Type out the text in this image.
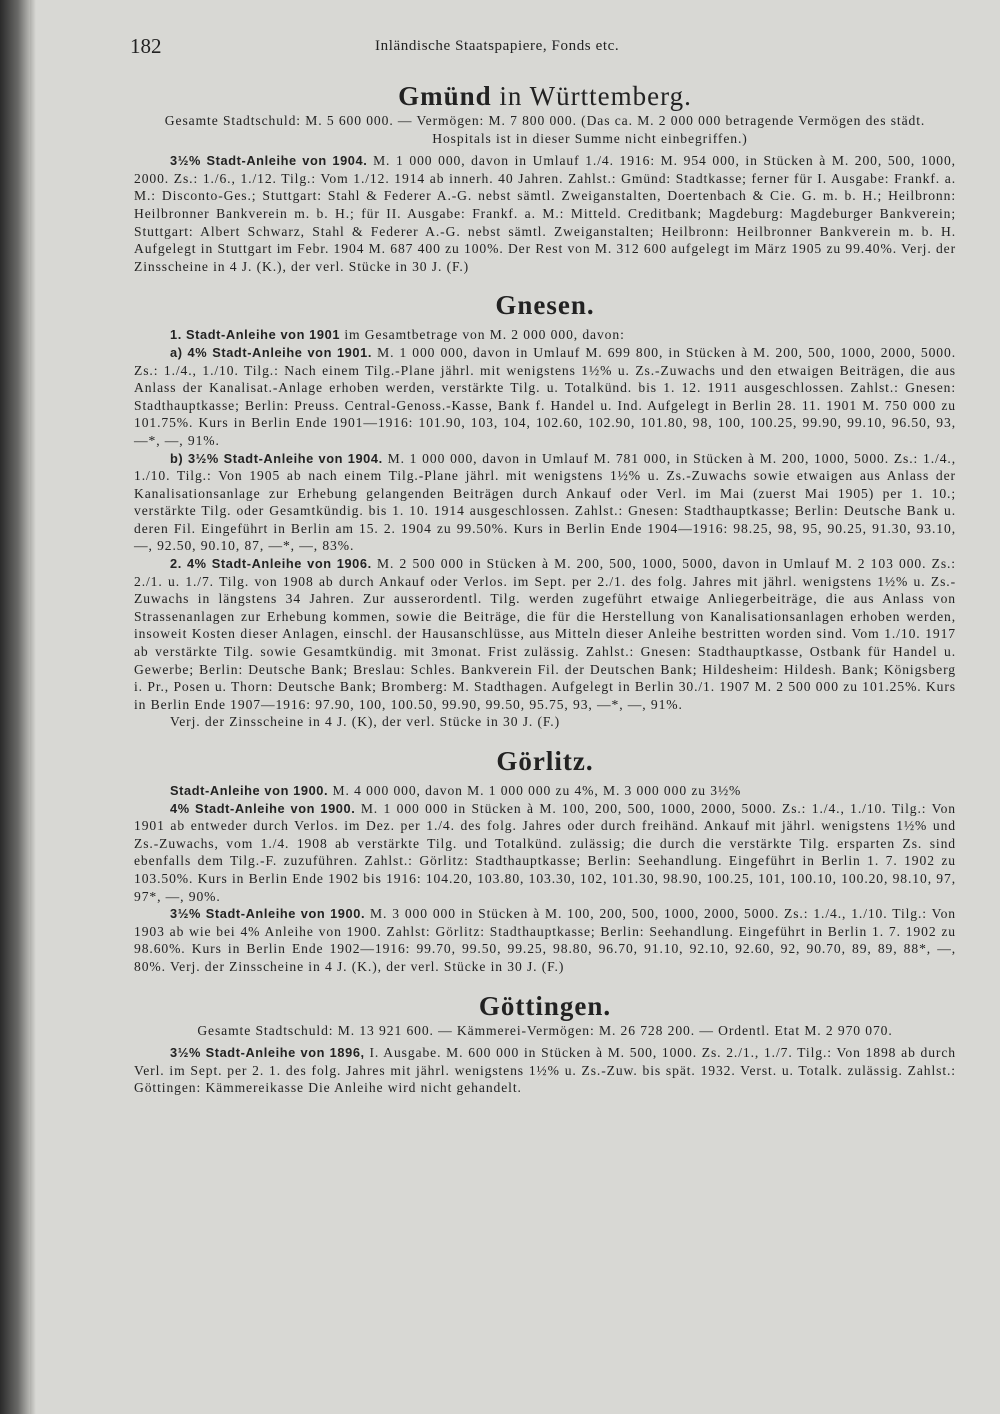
182	Inländische Staatspapiere, Fonds etc.
Gmünd in Württemberg.

Gesamte Stadtschuld: M. 5 600 000. — Vermögen: M. 7 800 000. (Das ca. M. 2 000 000 betragende Vermögen des städt. Hospitals ist in dieser Summe nicht einbegriffen.)

3½% Stadt-Anleihe von 1904. M. 1 000 000, davon in Umlauf 1./4. 1916: M. 954 000, in Stücken à M. 200, 500, 1000, 2000. Zs.: 1./6., 1./12. Tilg.: Vom 1./12. 1914 ab innerh. 40 Jahren. Zahlst.: Gmünd: Stadtkasse; ferner für I. Ausgabe: Frankf. a. M.: Disconto-Ges.; Stuttgart: Stahl & Federer A.-G. nebst sämtl. Zweiganstalten, Doertenbach & Cie. G. m. b. H.; Heilbronn: Heilbronner Bankverein m. b. H.; für II. Ausgabe: Frankf. a. M.: Mitteld. Creditbank; Magdeburg: Magdeburger Bankverein; Stuttgart: Albert Schwarz, Stahl & Federer A.-G. nebst sämtl. Zweiganstalten; Heilbronn: Heilbronner Bankverein m. b. H. Aufgelegt in Stuttgart im Febr. 1904 M. 687 400 zu 100%. Der Rest von M. 312 600 aufgelegt im März 1905 zu 99.40%. Verj. der Zinsscheine in 4 J. (K.), der verl. Stücke in 30 J. (F.)

Gnesen.

1. Stadt-Anleihe von 1901 im Gesamtbetrage von M. 2 000 000, davon:

a) 4% Stadt-Anleihe von 1901. M. 1 000 000, davon in Umlauf M. 699 800, in Stücken à M. 200, 500, 1000, 2000, 5000. Zs.: 1./4., 1./10. Tilg.: Nach einem Tilg.-Plane jährl. mit wenigstens 1½% u. Zs.-Zuwachs und den etwaigen Beiträgen, die aus Anlass der Kanalisat.-Anlage erhoben werden, verstärkte Tilg. u. Totalkünd. bis 1. 12. 1911 ausgeschlossen. Zahlst.: Gnesen: Stadthauptkasse; Berlin: Preuss. Central-Genoss.-Kasse, Bank f. Handel u. Ind. Aufgelegt in Berlin 28. 11. 1901 M. 750 000 zu 101.75%. Kurs in Berlin Ende 1901—1916: 101.90, 103, 104, 102.60, 102.90, 101.80, 98, 100, 100.25, 99.90, 99.10, 96.50, 93, —*, —, 91%.

b) 3½% Stadt-Anleihe von 1904. M. 1 000 000, davon in Umlauf M. 781 000, in Stücken à M. 200, 1000, 5000. Zs.: 1./4., 1./10. Tilg.: Von 1905 ab nach einem Tilg.-Plane jährl. mit wenigstens 1½% u. Zs.-Zuwachs sowie etwaigen aus Anlass der Kanalisationsanlage zur Erhebung gelangenden Beiträgen durch Ankauf oder Verl. im Mai (zuerst Mai 1905) per 1. 10.; verstärkte Tilg. oder Gesamtkündig. bis 1. 10. 1914 ausgeschlossen. Zahlst.: Gnesen: Stadthauptkasse; Berlin: Deutsche Bank u. deren Fil. Eingeführt in Berlin am 15. 2. 1904 zu 99.50%. Kurs in Berlin Ende 1904—1916: 98.25, 98, 95, 90.25, 91.30, 93.10, —, 92.50, 90.10, 87, —*, —, 83%.

2. 4% Stadt-Anleihe von 1906. M. 2 500 000 in Stücken à M. 200, 500, 1000, 5000, davon in Umlauf M. 2 103 000. Zs.: 2./1. u. 1./7. Tilg. von 1908 ab durch Ankauf oder Verlos. im Sept. per 2./1. des folg. Jahres mit jährl. wenigstens 1½% u. Zs.-Zuwachs in längstens 34 Jahren. Zur ausserordentl. Tilg. werden zugeführt etwaige Anliegerbeiträge, die aus Anlass von Strassenanlagen zur Erhebung kommen, sowie die Beiträge, die für die Herstellung von Kanalisationsanlagen erhoben werden, insoweit Kosten dieser Anlagen, einschl. der Hausanschlüsse, aus Mitteln dieser Anleihe bestritten worden sind. Vom 1./10. 1917 ab verstärkte Tilg. sowie Gesamtkündig. mit 3monat. Frist zulässig. Zahlst.: Gnesen: Stadthauptkasse, Ostbank für Handel u. Gewerbe; Berlin: Deutsche Bank; Breslau: Schles. Bankverein Fil. der Deutschen Bank; Hildesheim: Hildesh. Bank; Königsberg i. Pr., Posen u. Thorn: Deutsche Bank; Bromberg: M. Stadthagen. Aufgelegt in Berlin 30./1. 1907 M. 2 500 000 zu 101.25%. Kurs in Berlin Ende 1907—1916: 97.90, 100, 100.50, 99.90, 99.50, 95.75, 93, —*, —, 91%.

Verj. der Zinsscheine in 4 J. (K), der verl. Stücke in 30 J. (F.)

Görlitz.

Stadt-Anleihe von 1900. M. 4 000 000, davon M. 1 000 000 zu 4%, M. 3 000 000 zu 3½%

4% Stadt-Anleihe von 1900. M. 1 000 000 in Stücken à M. 100, 200, 500, 1000, 2000, 5000. Zs.: 1./4., 1./10. Tilg.: Von 1901 ab entweder durch Verlos. im Dez. per 1./4. des folg. Jahres oder durch freihänd. Ankauf mit jährl. wenigstens 1½% und Zs.-Zuwachs, vom 1./4. 1908 ab verstärkte Tilg. und Totalkünd. zulässig; die durch die verstärkte Tilg. ersparten Zs. sind ebenfalls dem Tilg.-F. zuzuführen. Zahlst.: Görlitz: Stadthauptkasse; Berlin: Seehandlung. Eingeführt in Berlin 1. 7. 1902 zu 103.50%. Kurs in Berlin Ende 1902 bis 1916: 104.20, 103.80, 103.30, 102, 101.30, 98.90, 100.25, 101, 100.10, 100.20, 98.10, 97, 97*, —, 90%.

3½% Stadt-Anleihe von 1900. M. 3 000 000 in Stücken à M. 100, 200, 500, 1000, 2000, 5000. Zs.: 1./4., 1./10. Tilg.: Von 1903 ab wie bei 4% Anleihe von 1900. Zahlst: Görlitz: Stadthauptkasse; Berlin: Seehandlung. Eingeführt in Berlin 1. 7. 1902 zu 98.60%. Kurs in Berlin Ende 1902—1916: 99.70, 99.50, 99.25, 98.80, 96.70, 91.10, 92.10, 92.60, 92, 90.70, 89, 89, 88*, —, 80%. Verj. der Zinsscheine in 4 J. (K.), der verl. Stücke in 30 J. (F.)

Göttingen.

Gesamte Stadtschuld: M. 13 921 600. — Kämmerei-Vermögen: M. 26 728 200. — Ordentl. Etat M. 2 970 070.

3½% Stadt-Anleihe von 1896, I. Ausgabe. M. 600 000 in Stücken à M. 500, 1000. Zs. 2./1., 1./7. Tilg.: Von 1898 ab durch Verl. im Sept. per 2. 1. des folg. Jahres mit jährl. wenigstens 1½% u. Zs.-Zuw. bis spät. 1932. Verst. u. Totalk. zulässig. Zahlst.: Göttingen: Kämmereikasse Die Anleihe wird nicht gehandelt.
